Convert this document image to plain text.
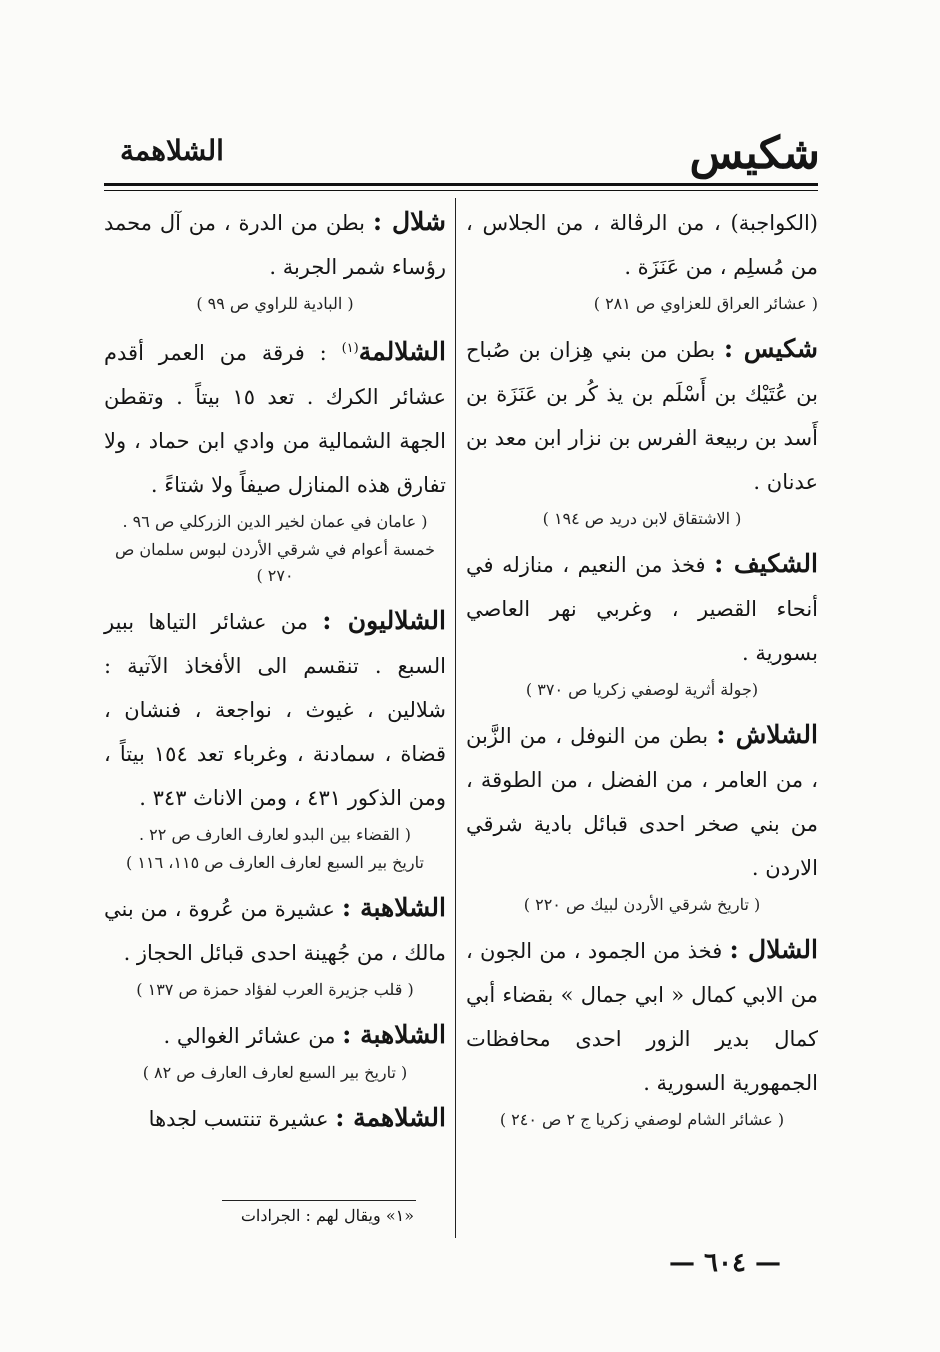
شكيس
الشلاهمة
(الكواجبة) ، من الرڤالة ، من الجلاس ، من مُسلِم ، من عَنَزَة .
( عشائر العراق للعزاوي ص ٢٨١ )
شكيس : بطن من بني هِزان بن صُباح بن عُتَيْك بن أَسْلَم بن يذ كُر بن عَنَزَة بن أَسد بن ربيعة الفرس بن نزار ابن معد بن عدنان .
( الاشتقاق لابن دريد ص ١٩٤ )
الشكيف : فخذ من النعيم ، منازله في أنحاء القصير ، وغربي نهر العاصي بسورية .
(جولة أثرية لوصفي زكريا ص ٣٧٠ )
الشلاش : بطن من النوفل ، من الزَّبن ، من العامر ، من الفضل ، من الطوقة ، من بني صخر احدى قبائل بادية شرقي الاردن .
( تاريخ شرقي الأردن لبيك ص ٢٢٠ )
الشلال : فخذ من الجمود ، من الجون ، من الابي كمال « ابي جمال » بقضاء أبي كمال بدير الزور احدى محافظات الجمهورية السورية .
( عشائر الشام لوصفي زكريا ج ٢ ص ٢٤٠ )
شلال : بطن من الدرة ، من آل محمد رؤساء شمر الجربة .
( البادية للراوي ص ٩٩ )
الشلالمة$^{(١)}$ : فرقة من العمر أقدم عشائر الكرك . تعد ١٥ بيتاً . وتقطن الجهة الشمالية من وادي ابن حماد ، ولا تفارق هذه المنازل صيفاً ولا شتاءً .
( عامان في عمان لخير الدين الزركلي ص ٩٦ .
خمسة أعوام في شرقي الأردن لبوس سلمان ص ٢٧٠ )
الشلاليون : من عشائر التياها ببير السبع . تنقسم الى الأفخاذ الآتية : شلالين ، غيوث ، نواجعة ، فنشان ، قضاة ، سمادنة ، وغرباء تعد ١٥٤ بيتاً ، ومن الذكور ٤٣١ ، ومن الاناث ٣٤٣ .
( القضاء بين البدو لعارف العارف ص ٢٢ .
تاريخ بير السبع لعارف العارف ص ١١٥، ١١٦ )
الشلاهبة : عشيرة من عُروة ، من بني مالك ، من جُهينة احدى قبائل الحجاز .
( قلب جزيرة العرب لفؤاد حمزة ص ١٣٧ )
الشلاهبة : من عشائر الغوالي .
( تاريخ بير السبع لعارف العارف ص ٨٢ )
الشلاهمة : عشيرة تنتسب لجدها
«١» ويقال لهم : الجرادات
— ٦٠٤ —
